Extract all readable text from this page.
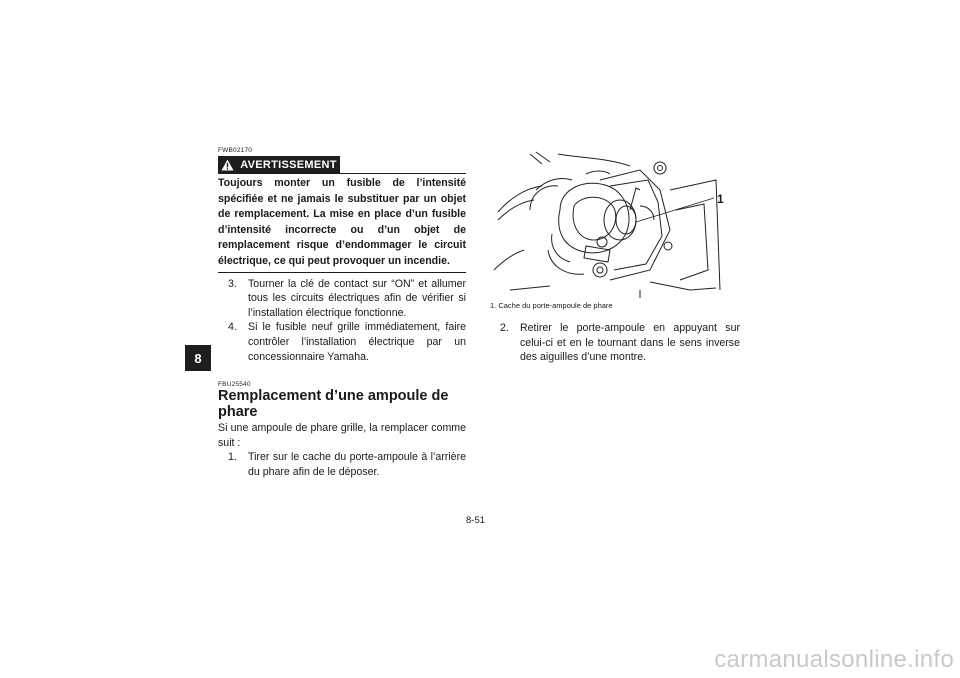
8
FWB02170
AVERTISSEMENT

Toujours monter un fusible de l’intensité spécifiée et ne jamais le substituer par un objet de remplacement. La mise en place d’un fusible d’intensité incorrecte ou d’un objet de remplacement risque d’endommager le circuit électrique, ce qui peut provoquer un incendie.

3.	Tourner la clé de contact sur “ON” et allumer tous les circuits électriques afin de vérifier si l’installation électrique fonctionne.
4.	Si le fusible neuf grille immédiatement, faire contrôler l’installation électrique par un concessionnaire Yamaha.
FBU25540
Remplacement d’une ampoule de phare
Si une ampoule de phare grille, la remplacer comme suit :
1.	Tirer sur le cache du porte-ampoule à l’arrière du phare afin de le déposer.
1
1. Cache du porte-ampoule de phare
2.	Retirer le porte-ampoule en appuyant sur celui-ci et en le tournant dans le sens inverse des aiguilles d’une montre.
8-51
carmanualsonline.info
